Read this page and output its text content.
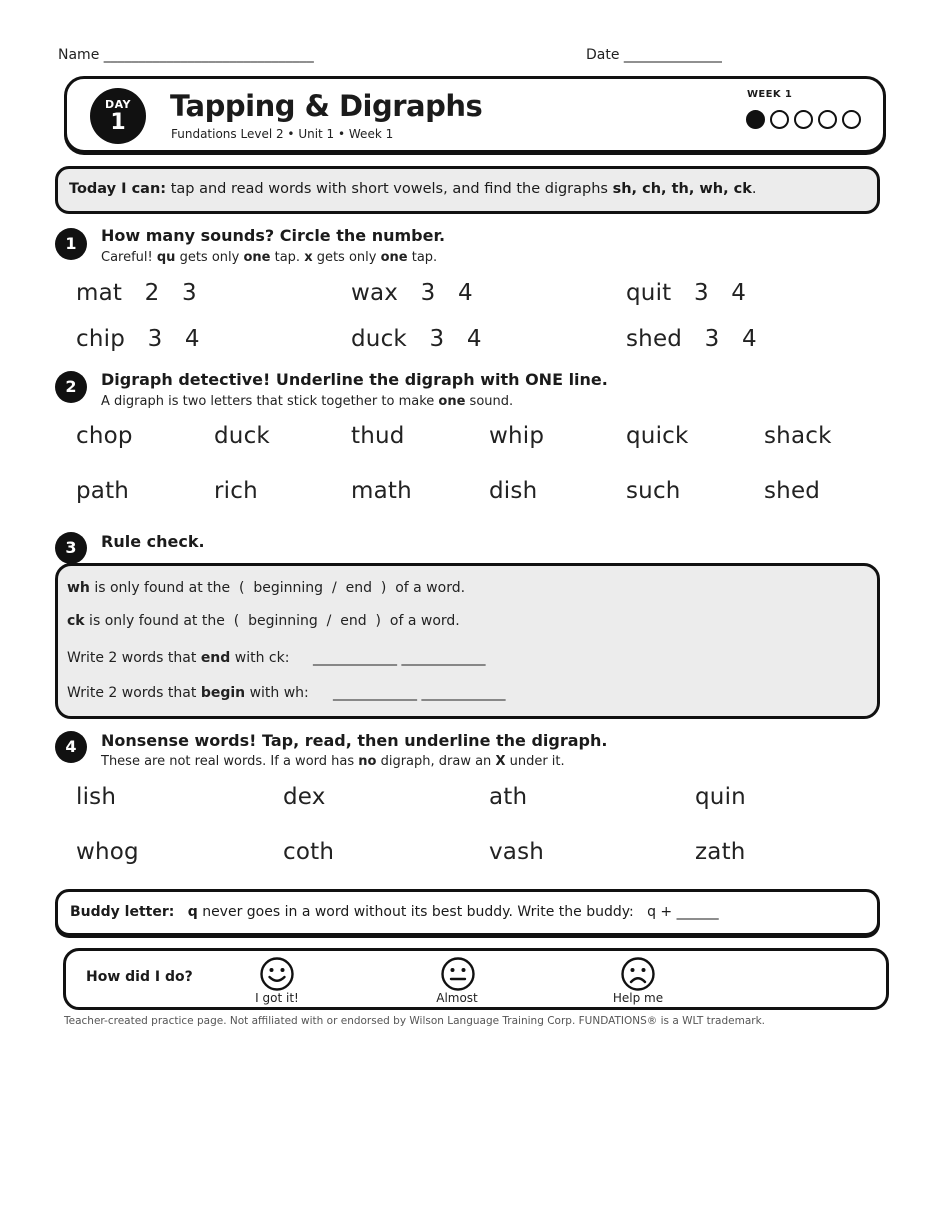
Name ______________________________	Date ______________
DAY
1	Tapping & Digraphs
Fundations Level 2 • Unit 1 • Week 1
WEEK 1
Today I can: tap and read words with short vowels, and find the digraphs sh, ch, th, wh, ck.
1	How many sounds? Circle the number.
Careful! qu gets only one tap. x gets only one tap.
mat 2   3	wax 3   4	quit 3   4
chip 3   4	duck 3   4	shed 3   4
2	Digraph detective! Underline the digraph with ONE line.
A digraph is two letters that stick together to make one sound.
chop	duck	thud	whip	quick	shack
path	rich	math	dish	such	shed
3	Rule check.
wh is only found at the  (  beginning  /  end  )  of a word.
ck is only found at the  (  beginning  /  end  )  of a word.
Write 2 words that end with ck: ____________ ____________
Write 2 words that begin with wh: ____________ ____________
4	Nonsense words! Tap, read, then underline the digraph.
These are not real words. If a word has no digraph, draw an X under it.
lish	dex	ath	quin
whog	coth	vash	zath
Buddy letter: q never goes in a word without its best buddy. Write the buddy: q + ______
How did I do?
I got it!	Almost	Help me
Teacher-created practice page. Not affiliated with or endorsed by Wilson Language Training Corp. FUNDATIONS® is a WLT trademark.
